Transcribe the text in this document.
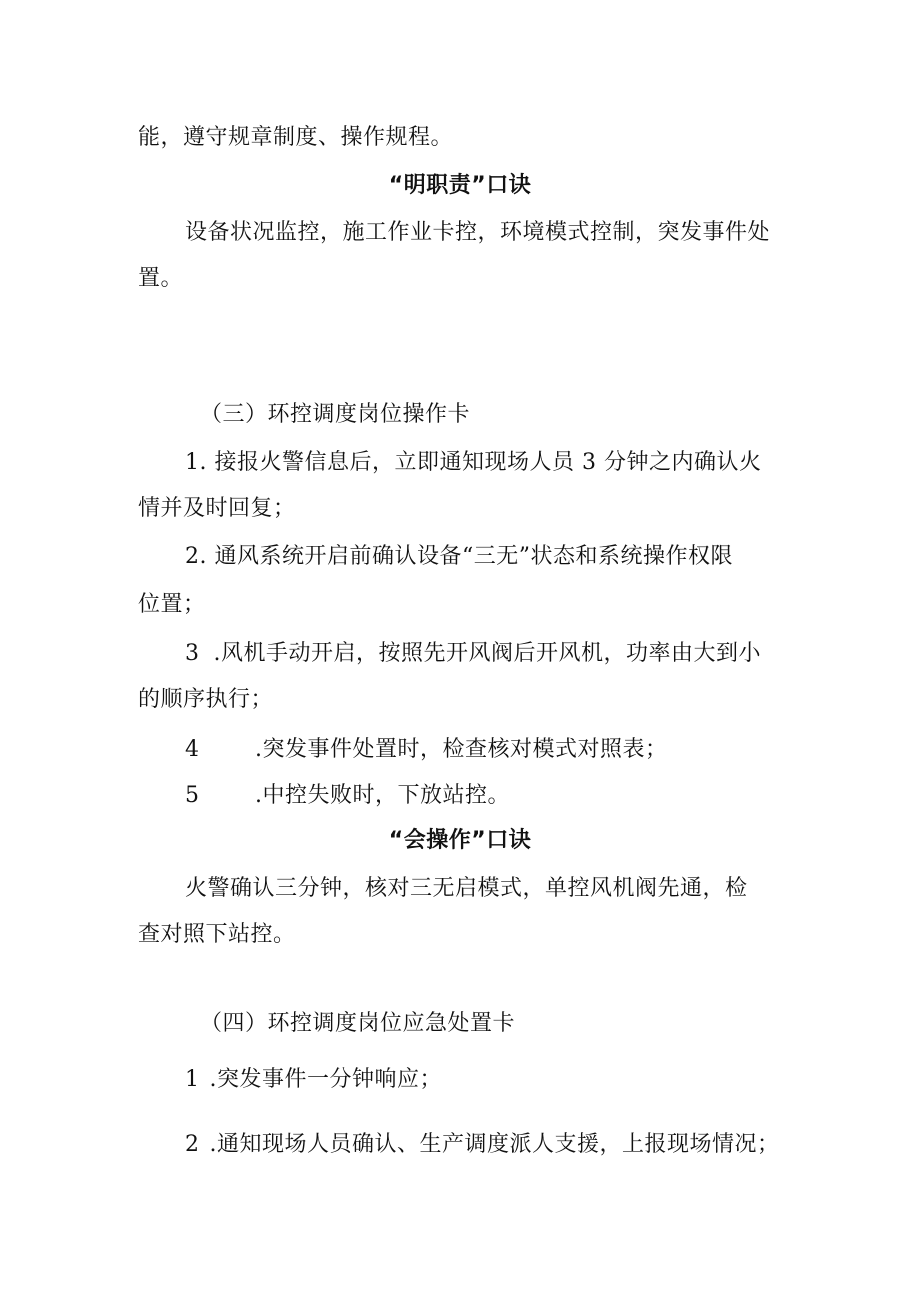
能，遵守规章制度、操作规程。
“明职责”口诀
设备状况监控，施工作业卡控，环境模式控制，突发事件处
置。
（三）环控调度岗位操作卡
1. 接报火警信息后，立即通知现场人员 3 分钟之内确认火
情并及时回复；
2. 通风系统开启前确认设备“三无”状态和系统操作权限
位置；
3 .风机手动开启，按照先开风阀后开风机，功率由大到小
的顺序执行；
4	.突发事件处置时，检查核对模式对照表；
5	.中控失败时，下放站控。
“会操作”口诀
火警确认三分钟，核对三无启模式，单控风机阀先通，检
查对照下站控。
（四）环控调度岗位应急处置卡
1 .突发事件一分钟响应；
2 .通知现场人员确认、生产调度派人支援，上报现场情况；
